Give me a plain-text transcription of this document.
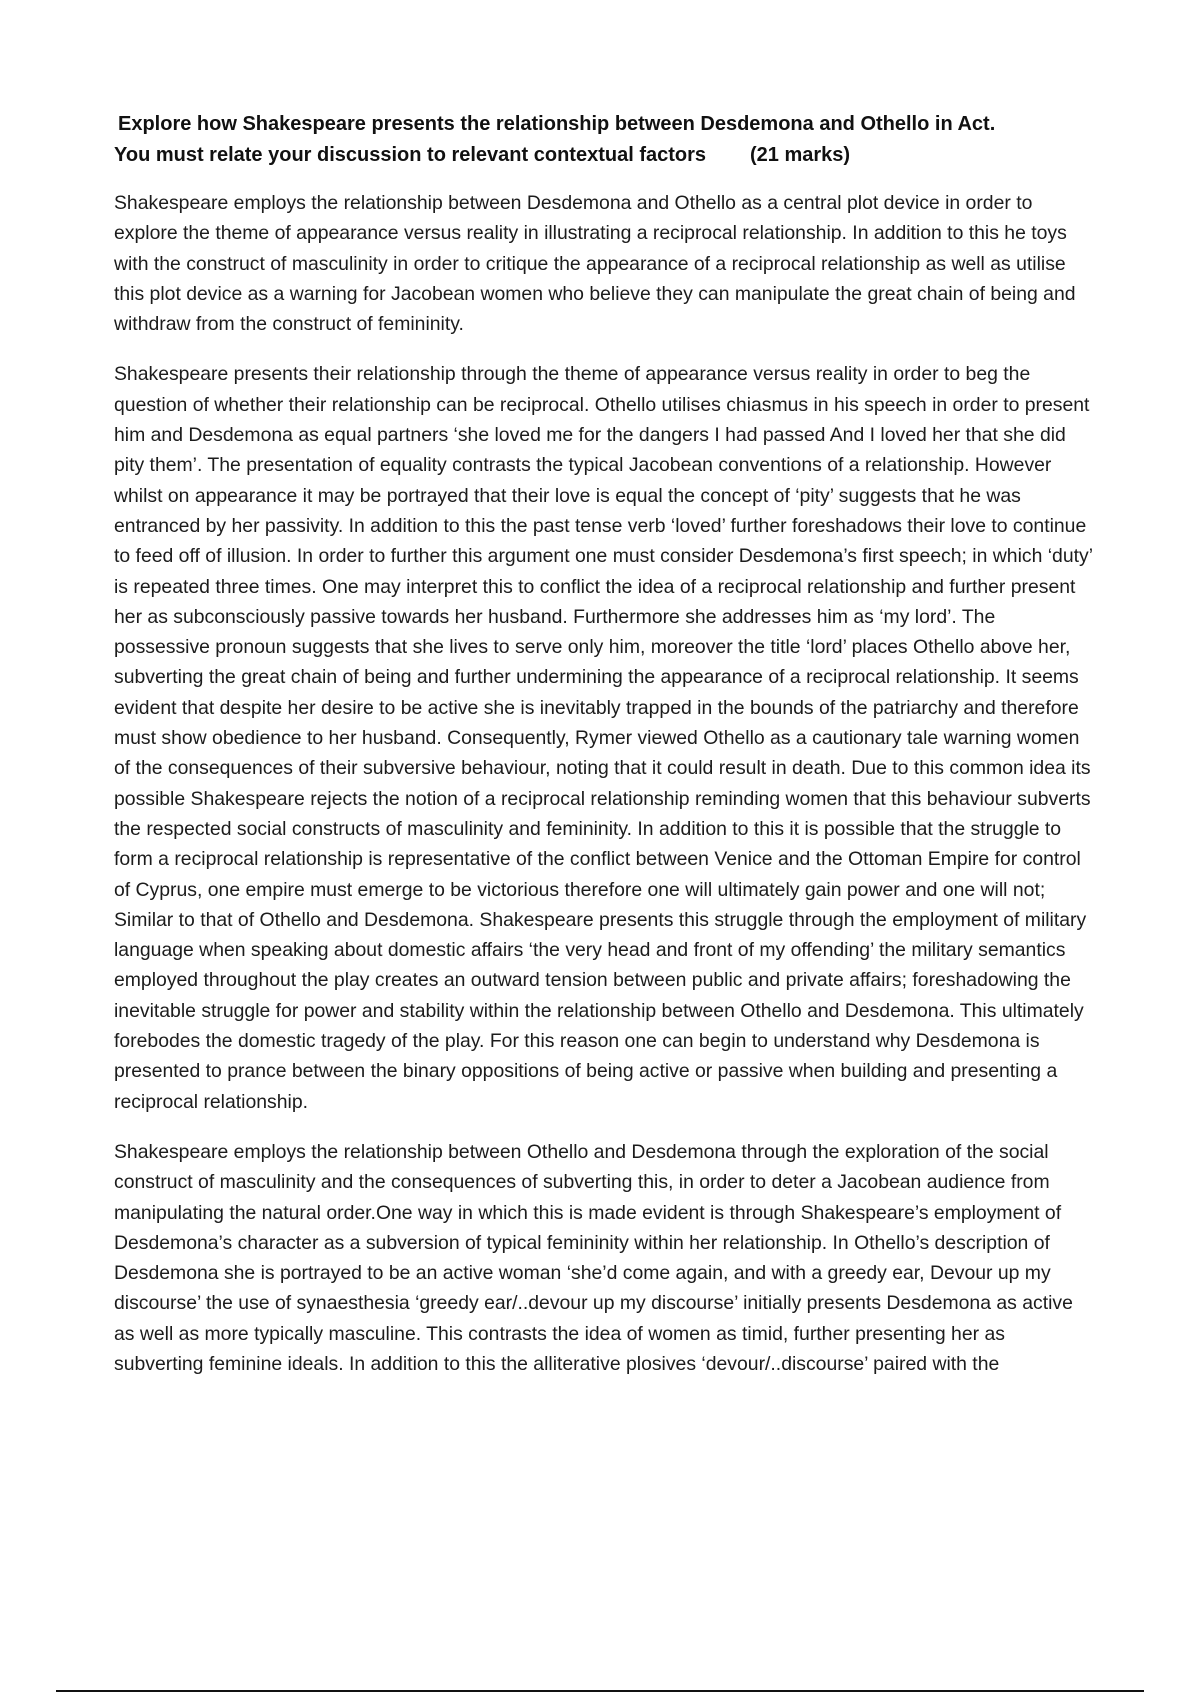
Explore how Shakespeare presents the relationship between Desdemona and Othello in Act.
You must relate your discussion to relevant contextual factors (21 marks)

Shakespeare employs the relationship between Desdemona and Othello as a central plot device in order to explore the theme of appearance versus reality in illustrating a reciprocal relationship. In addition to this he toys with the construct of masculinity in order to critique the appearance of a reciprocal relationship as well as utilise this plot device as a warning for Jacobean women who believe they can manipulate the great chain of being and withdraw from the construct of femininity.

Shakespeare presents their relationship through the theme of appearance versus reality in order to beg the question of whether their relationship can be reciprocal. Othello utilises chiasmus in his speech in order to present him and Desdemona as equal partners ‘she loved me for the dangers I had passed And I loved her that she did pity them’. The presentation of equality contrasts the typical Jacobean conventions of a relationship. However whilst on appearance it may be portrayed that their love is equal the concept of ‘pity’ suggests that he was entranced by her passivity. In addition to this the past tense verb ‘loved’ further foreshadows their love to continue to feed off of illusion. In order to further this argument one must consider Desdemona’s first speech; in which ‘duty’ is repeated three times. One may interpret this to conflict the idea of a reciprocal relationship and further present her as subconsciously passive towards her husband. Furthermore she addresses him as ‘my lord’. The possessive pronoun suggests that she lives to serve only him, moreover the title ‘lord’ places Othello above her, subverting the great chain of being and further undermining the appearance of a reciprocal relationship. It seems evident that despite her desire to be active she is inevitably trapped in the bounds of the patriarchy and therefore must show obedience to her husband. Consequently, Rymer viewed Othello as a cautionary tale warning women of the consequences of their subversive behaviour, noting that it could result in death. Due to this common idea its possible Shakespeare rejects the notion of a reciprocal relationship reminding women that this behaviour subverts the respected social constructs of masculinity and femininity. In addition to this it is possible that the struggle to form a reciprocal relationship is representative of the conflict between Venice and the Ottoman Empire for control of Cyprus, one empire must emerge to be victorious therefore one will ultimately gain power and one will not; Similar to that of Othello and Desdemona. Shakespeare presents this struggle through the employment of military language when speaking about domestic affairs ‘the very head and front of my offending’ the military semantics employed throughout the play creates an outward tension between public and private affairs; foreshadowing the inevitable struggle for power and stability within the relationship between Othello and Desdemona. This ultimately forebodes the domestic tragedy of the play. For this reason one can begin to understand why Desdemona is presented to prance between the binary oppositions of being active or passive when building and presenting a reciprocal relationship.

Shakespeare employs the relationship between Othello and Desdemona through the exploration of the social construct of masculinity and the consequences of subverting this, in order to deter a Jacobean audience from manipulating the natural order.One way in which this is made evident is through Shakespeare’s employment of Desdemona’s character as a subversion of typical femininity within her relationship. In Othello’s description of Desdemona she is portrayed to be an active woman ‘she’d come again, and with a greedy ear, Devour up my discourse’ the use of synaesthesia ‘greedy ear/..devour up my discourse’ initially presents Desdemona as active as well as more typically masculine. This contrasts the idea of women as timid, further presenting her as subverting feminine ideals. In addition to this the alliterative plosives ‘devour/..discourse’ paired with the
